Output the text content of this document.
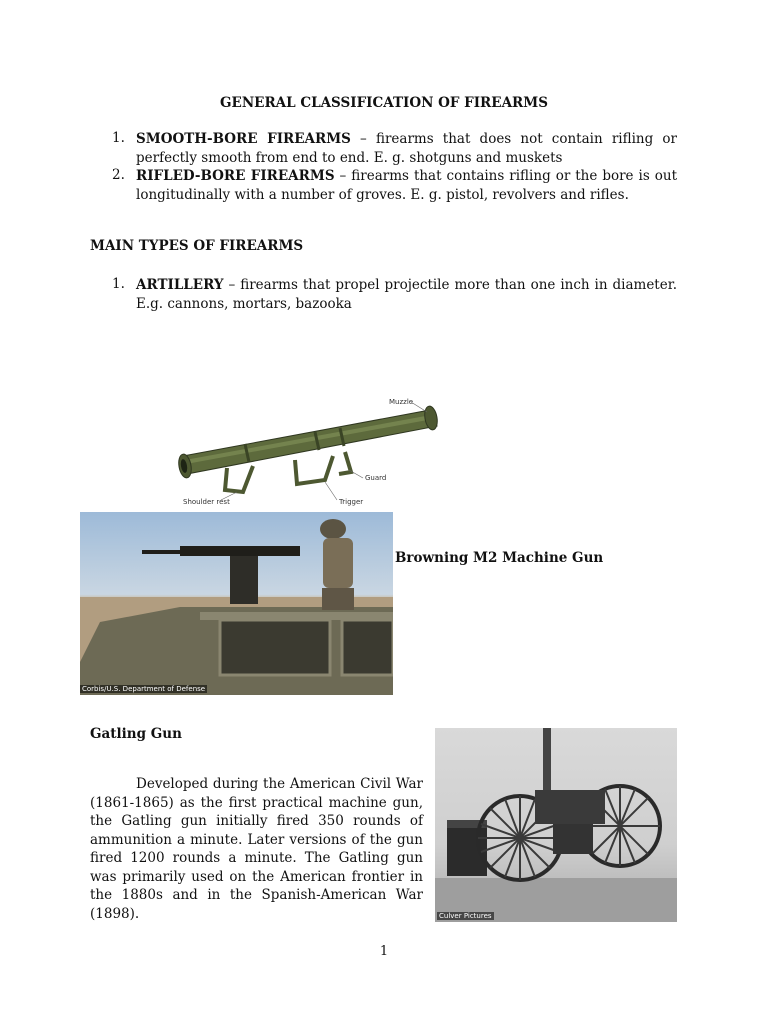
GENERAL CLASSIFICATION OF FIREARMS
1. SMOOTH-BORE FIREARMS – firearms that does not contain rifling or perfectly smooth from end to end. E. g. shotguns and muskets
2. RIFLED-BORE FIREARMS – firearms that contains rifling or the bore is out longitudinally with a number of groves. E. g. pistol, revolvers and rifles.
MAIN TYPES OF FIREARMS
1. ARTILLERY – firearms that propel projectile more than one inch in diameter. E.g. cannons, mortars, bazooka
Muzzle
Guard
Shoulder rest	Trigger
Corbis/U.S. Department of Defense
Browning M2 Machine Gun
Gatling Gun
Developed during the American Civil War (1861-1865) as the first practical machine gun, the Gatling gun initially fired 350 rounds of ammunition a minute. Later versions of the gun fired 1200 rounds a minute. The Gatling gun was primarily used on the American frontier in the 1880s and in the Spanish-American War (1898).	Culver Pictures
1
